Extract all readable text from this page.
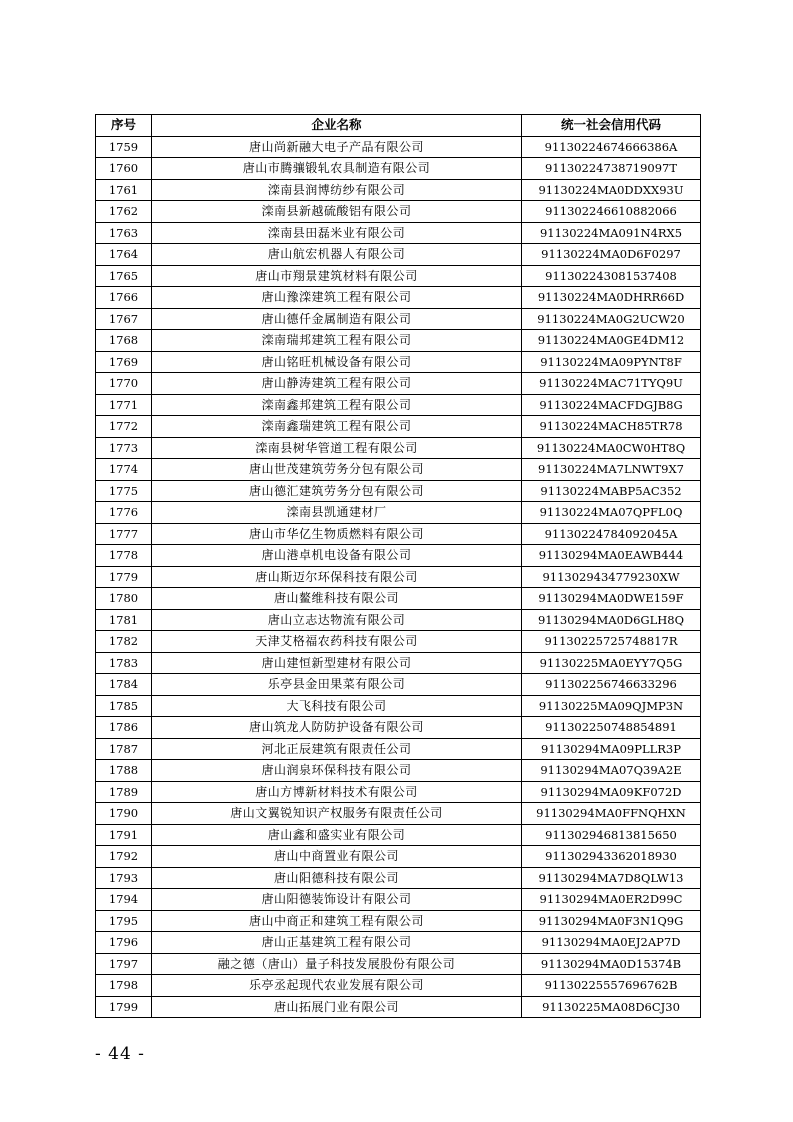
序号	企业名称	统一社会信用代码
1759	唐山尚新融大电子产品有限公司	91130224674666386A
1760	唐山市腾骧锻轧农具制造有限公司	91130224738719097T
1761	滦南县润博纺纱有限公司	91130224MA0DDXX93U
1762	滦南县新越硫酸铝有限公司	911302246610882066
1763	滦南县田磊米业有限公司	91130224MA091N4RX5
1764	唐山航宏机器人有限公司	91130224MA0D6F0297
1765	唐山市翔景建筑材料有限公司	911302243081537408
1766	唐山豫滦建筑工程有限公司	91130224MA0DHRR66D
1767	唐山德仟金属制造有限公司	91130224MA0G2UCW20
1768	滦南瑞邦建筑工程有限公司	91130224MA0GE4DM12
1769	唐山铭旺机械设备有限公司	91130224MA09PYNT8F
1770	唐山静涛建筑工程有限公司	91130224MAC71TYQ9U
1771	滦南鑫邦建筑工程有限公司	91130224MACFDGJB8G
1772	滦南鑫瑞建筑工程有限公司	91130224MACH85TR78
1773	滦南县树华管道工程有限公司	91130224MA0CW0HT8Q
1774	唐山世茂建筑劳务分包有限公司	91130224MA7LNWT9X7
1775	唐山德汇建筑劳务分包有限公司	91130224MABP5AC352
1776	滦南县凯通建材厂	91130224MA07QPFL0Q
1777	唐山市华亿生物质燃料有限公司	91130224784092045A
1778	唐山港卓机电设备有限公司	91130294MA0EAWB444
1779	唐山斯迈尔环保科技有限公司	9113029434779230XW
1780	唐山鳌维科技有限公司	91130294MA0DWE159F
1781	唐山立志达物流有限公司	91130294MA0D6GLH8Q
1782	天津艾格福农药科技有限公司	91130225725748817R
1783	唐山建恒新型建材有限公司	91130225MA0EYY7Q5G
1784	乐亭县金田果菜有限公司	911302256746633296
1785	大飞科技有限公司	91130225MA09QJMP3N
1786	唐山筑龙人防防护设备有限公司	911302250748854891
1787	河北正辰建筑有限责任公司	91130294MA09PLLR3P
1788	唐山润泉环保科技有限公司	91130294MA07Q39A2E
1789	唐山方博新材料技术有限公司	91130294MA09KF072D
1790	唐山文翼锐知识产权服务有限责任公司	91130294MA0FFNQHXN
1791	唐山鑫和盛实业有限公司	911302946813815650
1792	唐山中商置业有限公司	911302943362018930
1793	唐山阳德科技有限公司	91130294MA7D8QLW13
1794	唐山阳德装饰设计有限公司	91130294MA0ER2D99C
1795	唐山中商正和建筑工程有限公司	91130294MA0F3N1Q9G
1796	唐山正基建筑工程有限公司	91130294MA0EJ2AP7D
1797	融之德（唐山）量子科技发展股份有限公司	91130294MA0D15374B
1798	乐亭丞起现代农业发展有限公司	91130225557696762B
1799	唐山拓展门业有限公司	91130225MA08D6CJ30
- 44 -
